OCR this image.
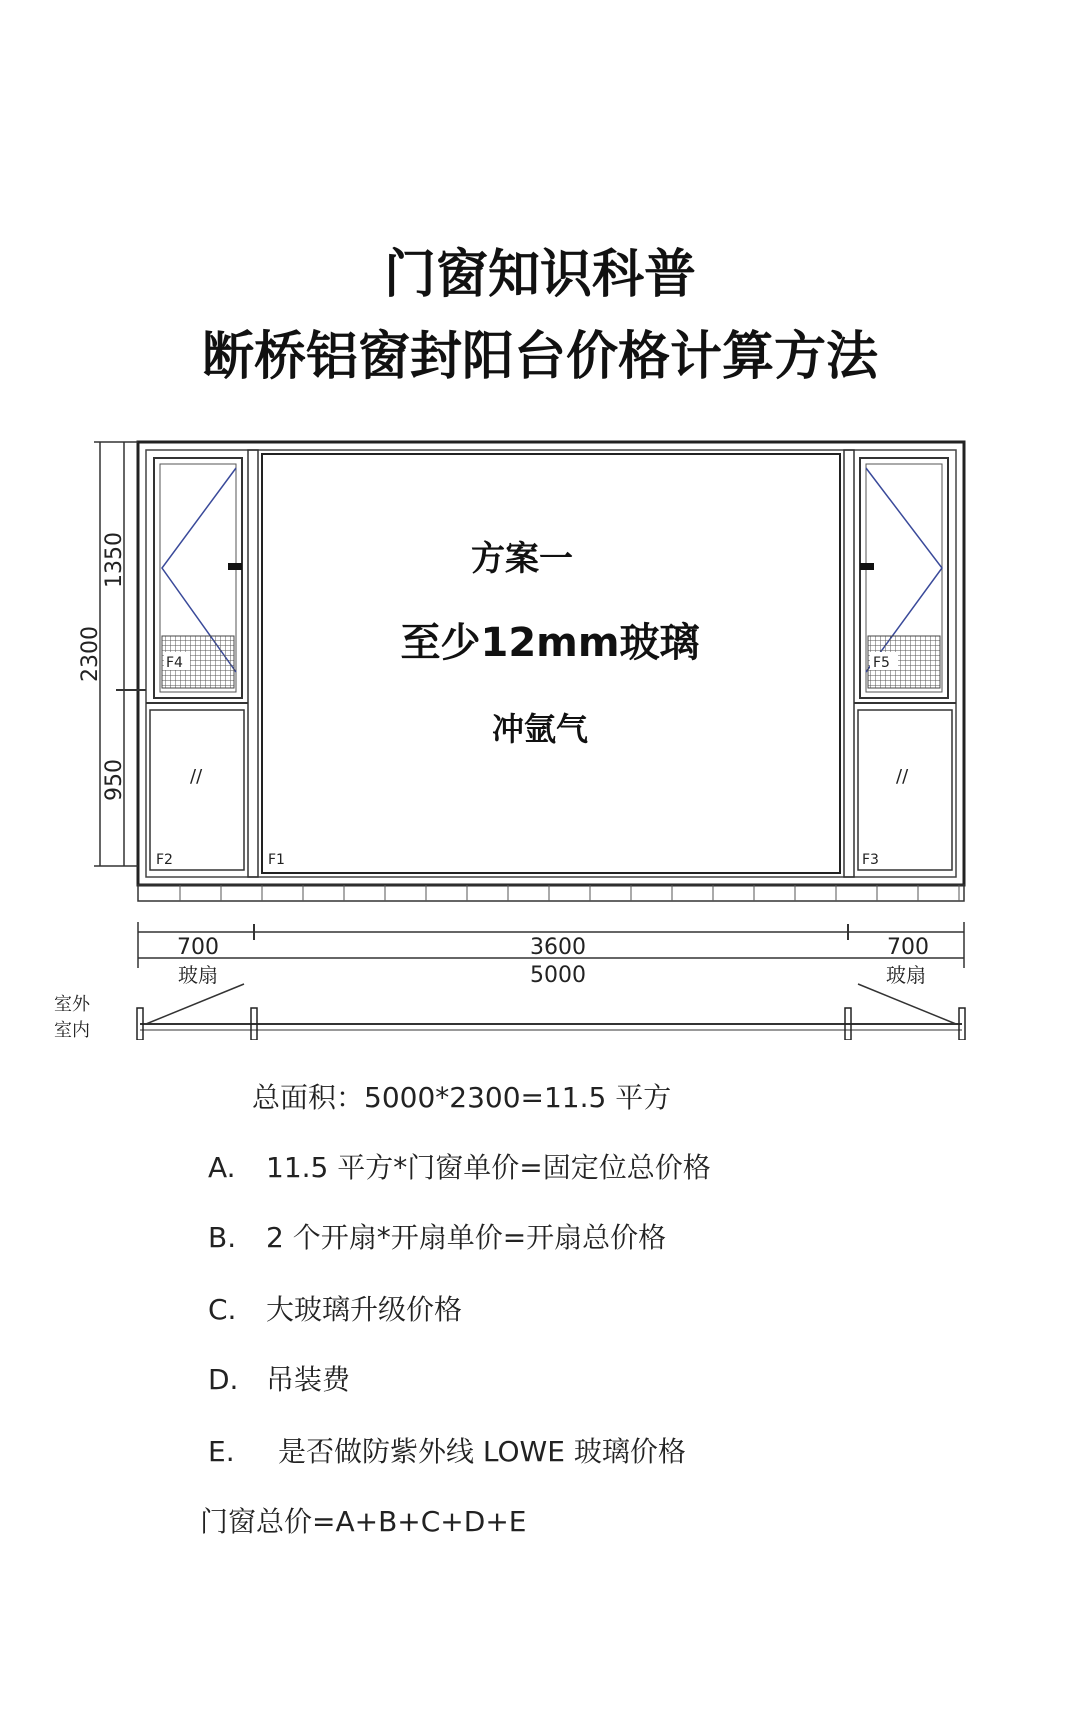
门窗知识科普
断桥铝窗封阳台价格计算方法
F4
//
F2	F1
方案一
至少12mm玻璃
冲氩气
F5
//
F3
2300
1350
950
700	3600	700
5000
玻扇	玻扇
室外
室内
总面积：5000*2300=11.5 平方
A. 11.5 平方*门窗单价=固定位总价格
B. 2 个开扇*开扇单价=开扇总价格
C. 大玻璃升级价格
D. 吊装费
E. 是否做防紫外线 LOWE 玻璃价格
门窗总价=A+B+C+D+E
